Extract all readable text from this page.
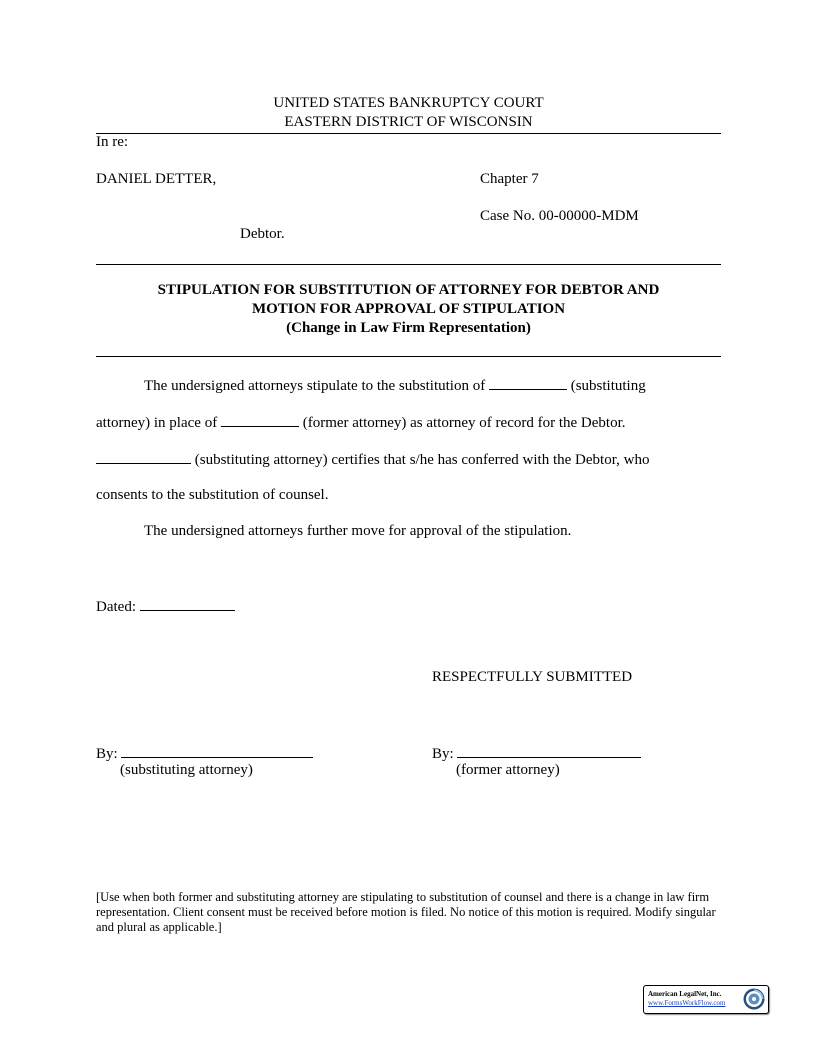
UNITED STATES BANKRUPTCY COURT
EASTERN DISTRICT OF WISCONSIN
In re:
DANIEL DETTER,	Chapter 7
Case No. 00-00000-MDM
Debtor.
STIPULATION FOR SUBSTITUTION OF ATTORNEY FOR DEBTOR AND
MOTION FOR APPROVAL OF STIPULATION
(Change in Law Firm Representation)
The undersigned attorneys stipulate to the substitution of	(substituting
attorney) in place of	(former attorney) as attorney of record for the Debtor.
(substituting attorney) certifies that s/he has conferred with the Debtor, who
consents to the substitution of counsel.
The undersigned attorneys further move for approval of the stipulation.
Dated:
RESPECTFULLY SUBMITTED
By:
(substituting attorney)
By:
(former attorney)
[Use when both former and substituting attorney are stipulating to substitution of counsel and there is a change in law firm representation. Client consent must be received before motion is filed. No notice of this motion is required. Modify singular and plural as applicable.]
American LegalNet, Inc.
www.FormsWorkFlow.com
